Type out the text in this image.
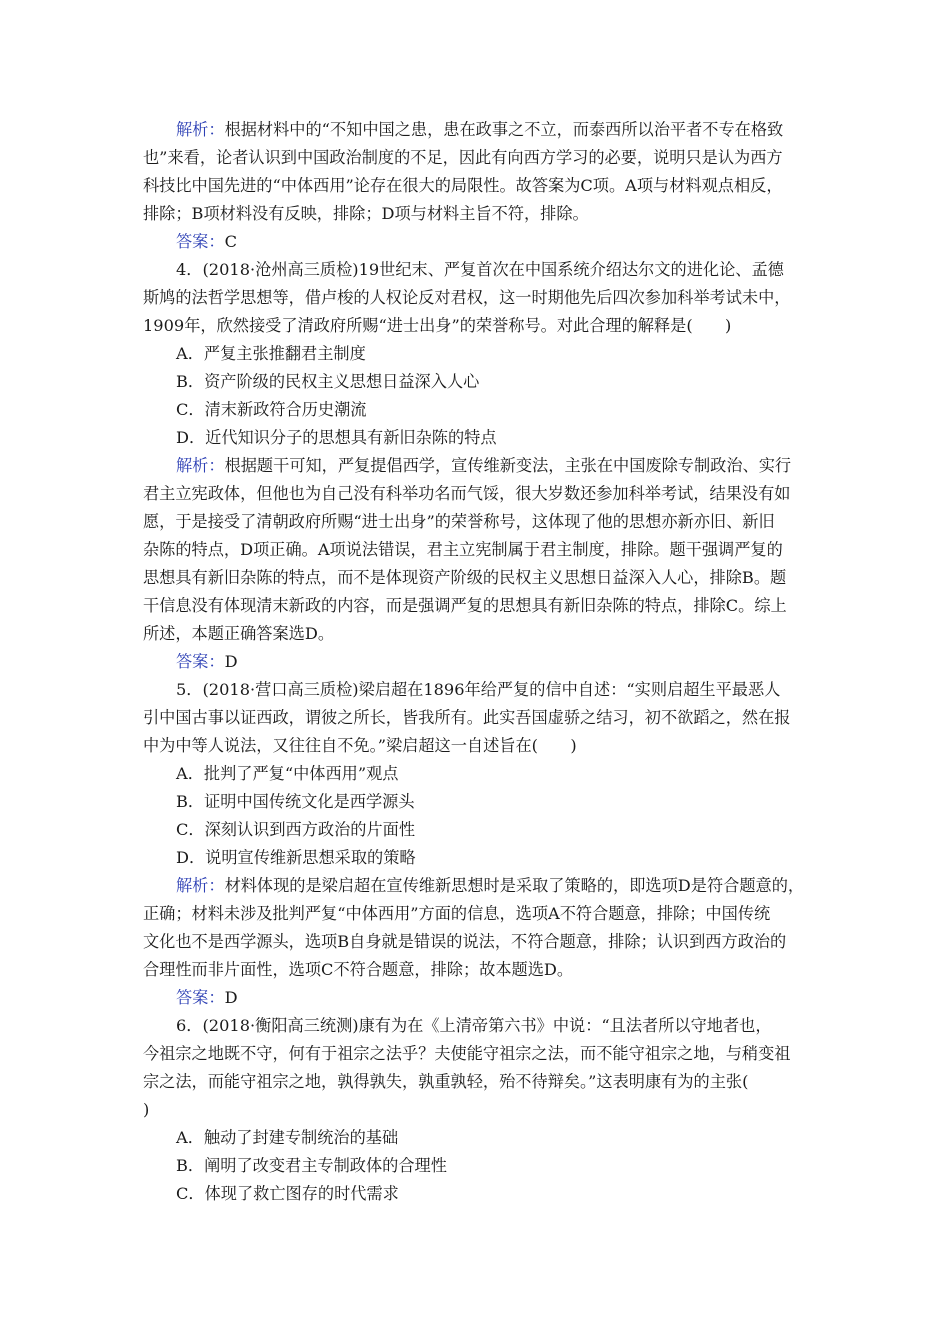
解析：根据材料中的“不知中国之患，患在政事之不立，而泰西所以治平者不专在格致
也”来看，论者认识到中国政治制度的不足，因此有向西方学习的必要，说明只是认为西方
科技比中国先进的“中体西用”论存在很大的局限性。故答案为C项。A项与材料观点相反，
排除；B项材料没有反映，排除；D项与材料主旨不符，排除。
答案：C
4．(2018·沧州高三质检)19世纪末、严复首次在中国系统介绍达尔文的进化论、孟德
斯鸠的法哲学思想等，借卢梭的人权论反对君权，这一时期他先后四次参加科举考试未中，
1909年，欣然接受了清政府所赐“进士出身”的荣誉称号。对此合理的解释是(　　)
A．严复主张推翻君主制度
B．资产阶级的民权主义思想日益深入人心
C．清末新政符合历史潮流
D．近代知识分子的思想具有新旧杂陈的特点
解析：根据题干可知，严复提倡西学，宣传维新变法，主张在中国废除专制政治、实行
君主立宪政体，但他也为自己没有科举功名而气馁，很大岁数还参加科举考试，结果没有如
愿，于是接受了清朝政府所赐“进士出身”的荣誉称号，这体现了他的思想亦新亦旧、新旧
杂陈的特点，D项正确。A项说法错误，君主立宪制属于君主制度，排除。题干强调严复的
思想具有新旧杂陈的特点，而不是体现资产阶级的民权主义思想日益深入人心，排除B。题
干信息没有体现清末新政的内容，而是强调严复的思想具有新旧杂陈的特点，排除C。综上
所述，本题正确答案选D。
答案：D
5．(2018·营口高三质检)梁启超在1896年给严复的信中自述：“实则启超生平最恶人
引中国古事以证西政，谓彼之所长，皆我所有。此实吾国虚骄之结习，初不欲蹈之，然在报
中为中等人说法，又往往自不免。”梁启超这一自述旨在(　　)
A．批判了严复“中体西用”观点
B．证明中国传统文化是西学源头
C．深刻认识到西方政治的片面性
D．说明宣传维新思想采取的策略
解析：材料体现的是梁启超在宣传维新思想时是采取了策略的，即选项D是符合题意的，
正确；材料未涉及批判严复“中体西用”方面的信息，选项A不符合题意，排除；中国传统
文化也不是西学源头，选项B自身就是错误的说法，不符合题意，排除；认识到西方政治的
合理性而非片面性，选项C不符合题意，排除；故本题选D。
答案：D
6．(2018·衡阳高三统测)康有为在《上清帝第六书》中说：“且法者所以守地者也，
今祖宗之地既不守，何有于祖宗之法乎？夫使能守祖宗之法，而不能守祖宗之地，与稍变祖
宗之法，而能守祖宗之地，孰得孰失，孰重孰轻，殆不待辩矣。”这表明康有为的主张(
)
A．触动了封建专制统治的基础
B．阐明了改变君主专制政体的合理性
C．体现了救亡图存的时代需求
